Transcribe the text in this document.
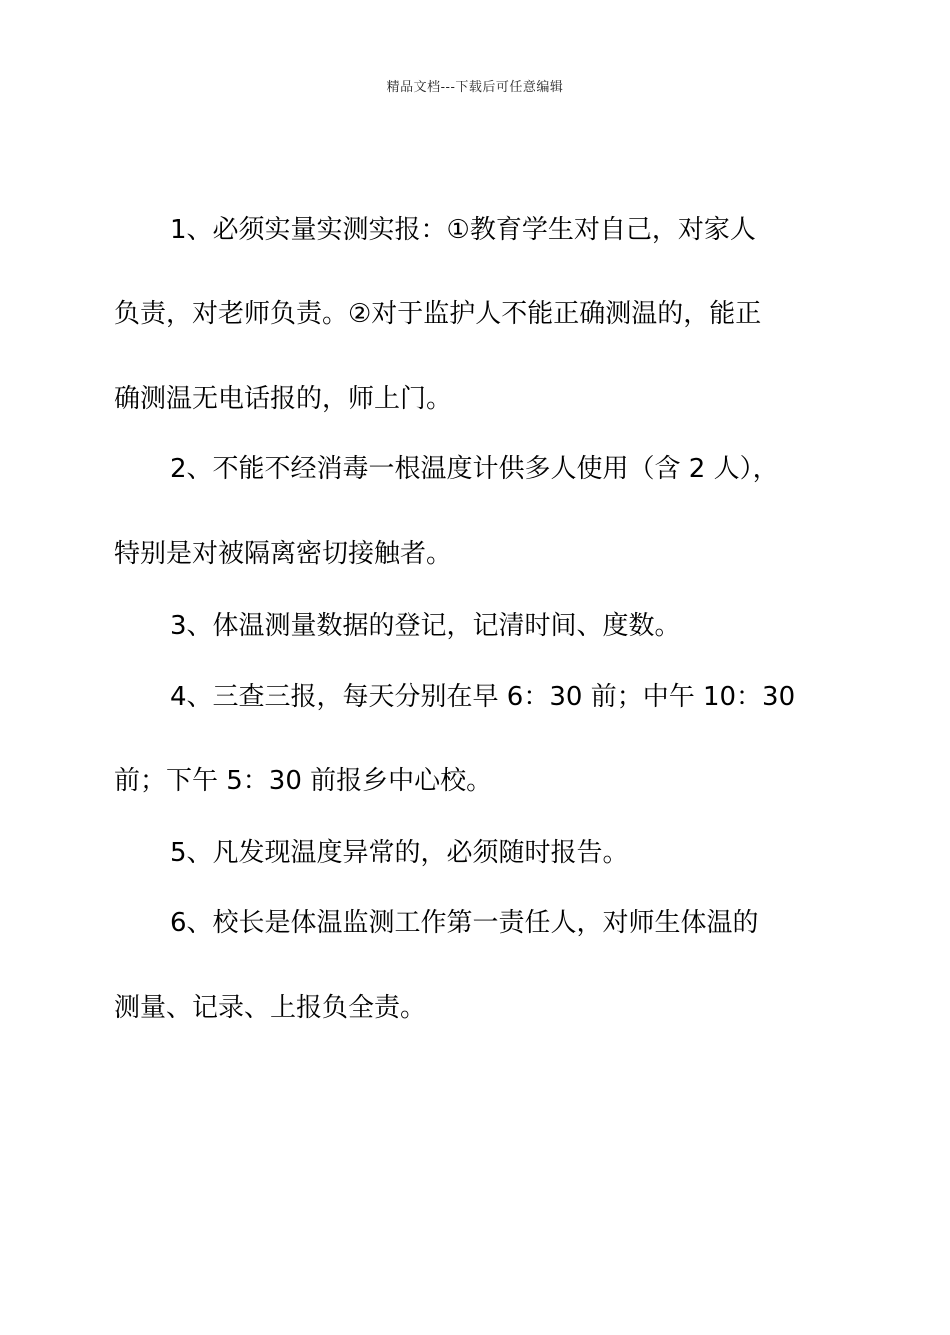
精品文档---下载后可任意编辑
1、必须实量实测实报：①教育学生对自己，对家人
负责，对老师负责。②对于监护人不能正确测温的，能正
确测温无电话报的，师上门。
2、不能不经消毒一根温度计供多人使用（含 2 人），
特别是对被隔离密切接触者。
3、体温测量数据的登记，记清时间、度数。
4、三查三报，每天分别在早 6：30 前；中午 10：30
前；下午 5：30 前报乡中心校。
5、凡发现温度异常的，必须随时报告。
6、校长是体温监测工作第一责任人，对师生体温的
测量、记录、上报负全责。
